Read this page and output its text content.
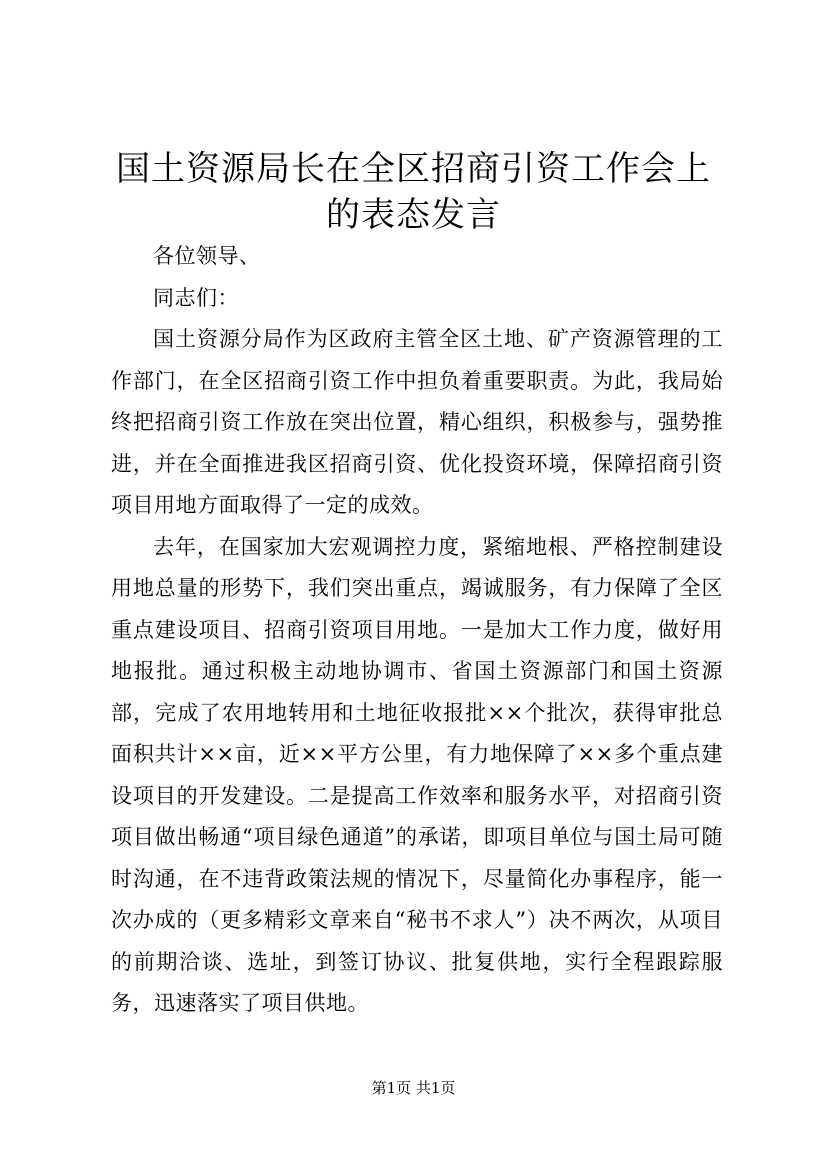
国土资源局长在全区招商引资工作会上的表态发言

各位领导、

同志们：

国土资源分局作为区政府主管全区土地、矿产资源管理的工作部门，在全区招商引资工作中担负着重要职责。为此，我局始终把招商引资工作放在突出位置，精心组织，积极参与，强势推进，并在全面推进我区招商引资、优化投资环境，保障招商引资项目用地方面取得了一定的成效。

去年，在国家加大宏观调控力度，紧缩地根、严格控制建设用地总量的形势下，我们突出重点，竭诚服务，有力保障了全区重点建设项目、招商引资项目用地。一是加大工作力度，做好用地报批。通过积极主动地协调市、省国土资源部门和国土资源部，完成了农用地转用和土地征收报批××个批次，获得审批总面积共计××亩，近××平方公里，有力地保障了××多个重点建设项目的开发建设。二是提高工作效率和服务水平，对招商引资项目做出畅通“项目绿色通道”的承诺，即项目单位与国土局可随时沟通，在不违背政策法规的情况下，尽量简化办事程序，能一次办成的（更多精彩文章来自“秘书不求人”）决不两次，从项目的前期洽谈、选址，到签订协议、批复供地，实行全程跟踪服务，迅速落实了项目供地。

第1页 共1页
